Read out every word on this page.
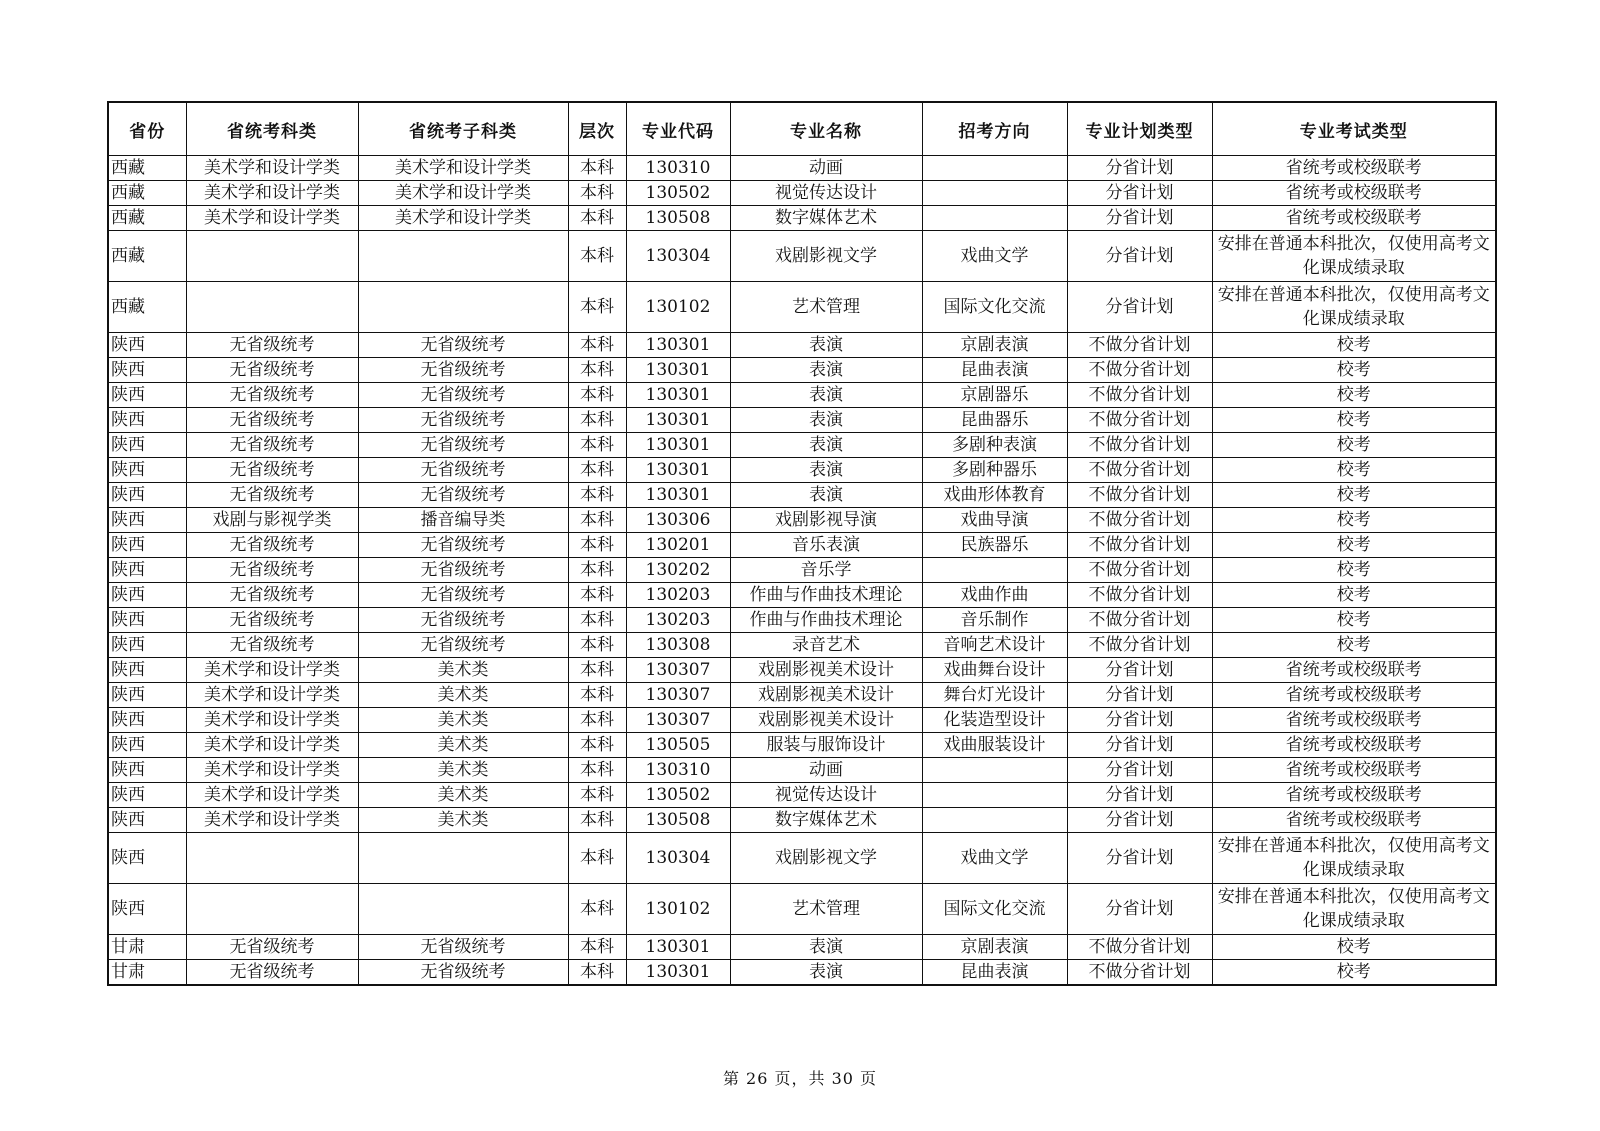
省份	省统考科类	省统考子科类	层次	专业代码	专业名称	招考方向	专业计划类型	专业考试类型
西藏	美术学和设计学类	美术学和设计学类	本科	130310	动画		分省计划	省统考或校级联考
西藏	美术学和设计学类	美术学和设计学类	本科	130502	视觉传达设计		分省计划	省统考或校级联考
西藏	美术学和设计学类	美术学和设计学类	本科	130508	数字媒体艺术		分省计划	省统考或校级联考
西藏			本科	130304	戏剧影视文学	戏曲文学	分省计划	安排在普通本科批次，仅使用高考文化课成绩录取
西藏			本科	130102	艺术管理	国际文化交流	分省计划	安排在普通本科批次，仅使用高考文化课成绩录取
陕西	无省级统考	无省级统考	本科	130301	表演	京剧表演	不做分省计划	校考
陕西	无省级统考	无省级统考	本科	130301	表演	昆曲表演	不做分省计划	校考
陕西	无省级统考	无省级统考	本科	130301	表演	京剧器乐	不做分省计划	校考
陕西	无省级统考	无省级统考	本科	130301	表演	昆曲器乐	不做分省计划	校考
陕西	无省级统考	无省级统考	本科	130301	表演	多剧种表演	不做分省计划	校考
陕西	无省级统考	无省级统考	本科	130301	表演	多剧种器乐	不做分省计划	校考
陕西	无省级统考	无省级统考	本科	130301	表演	戏曲形体教育	不做分省计划	校考
陕西	戏剧与影视学类	播音编导类	本科	130306	戏剧影视导演	戏曲导演	不做分省计划	校考
陕西	无省级统考	无省级统考	本科	130201	音乐表演	民族器乐	不做分省计划	校考
陕西	无省级统考	无省级统考	本科	130202	音乐学		不做分省计划	校考
陕西	无省级统考	无省级统考	本科	130203	作曲与作曲技术理论	戏曲作曲	不做分省计划	校考
陕西	无省级统考	无省级统考	本科	130203	作曲与作曲技术理论	音乐制作	不做分省计划	校考
陕西	无省级统考	无省级统考	本科	130308	录音艺术	音响艺术设计	不做分省计划	校考
陕西	美术学和设计学类	美术类	本科	130307	戏剧影视美术设计	戏曲舞台设计	分省计划	省统考或校级联考
陕西	美术学和设计学类	美术类	本科	130307	戏剧影视美术设计	舞台灯光设计	分省计划	省统考或校级联考
陕西	美术学和设计学类	美术类	本科	130307	戏剧影视美术设计	化装造型设计	分省计划	省统考或校级联考
陕西	美术学和设计学类	美术类	本科	130505	服装与服饰设计	戏曲服装设计	分省计划	省统考或校级联考
陕西	美术学和设计学类	美术类	本科	130310	动画		分省计划	省统考或校级联考
陕西	美术学和设计学类	美术类	本科	130502	视觉传达设计		分省计划	省统考或校级联考
陕西	美术学和设计学类	美术类	本科	130508	数字媒体艺术		分省计划	省统考或校级联考
陕西			本科	130304	戏剧影视文学	戏曲文学	分省计划	安排在普通本科批次，仅使用高考文化课成绩录取
陕西			本科	130102	艺术管理	国际文化交流	分省计划	安排在普通本科批次，仅使用高考文化课成绩录取
甘肃	无省级统考	无省级统考	本科	130301	表演	京剧表演	不做分省计划	校考
甘肃	无省级统考	无省级统考	本科	130301	表演	昆曲表演	不做分省计划	校考
第 26 页，共 30 页
